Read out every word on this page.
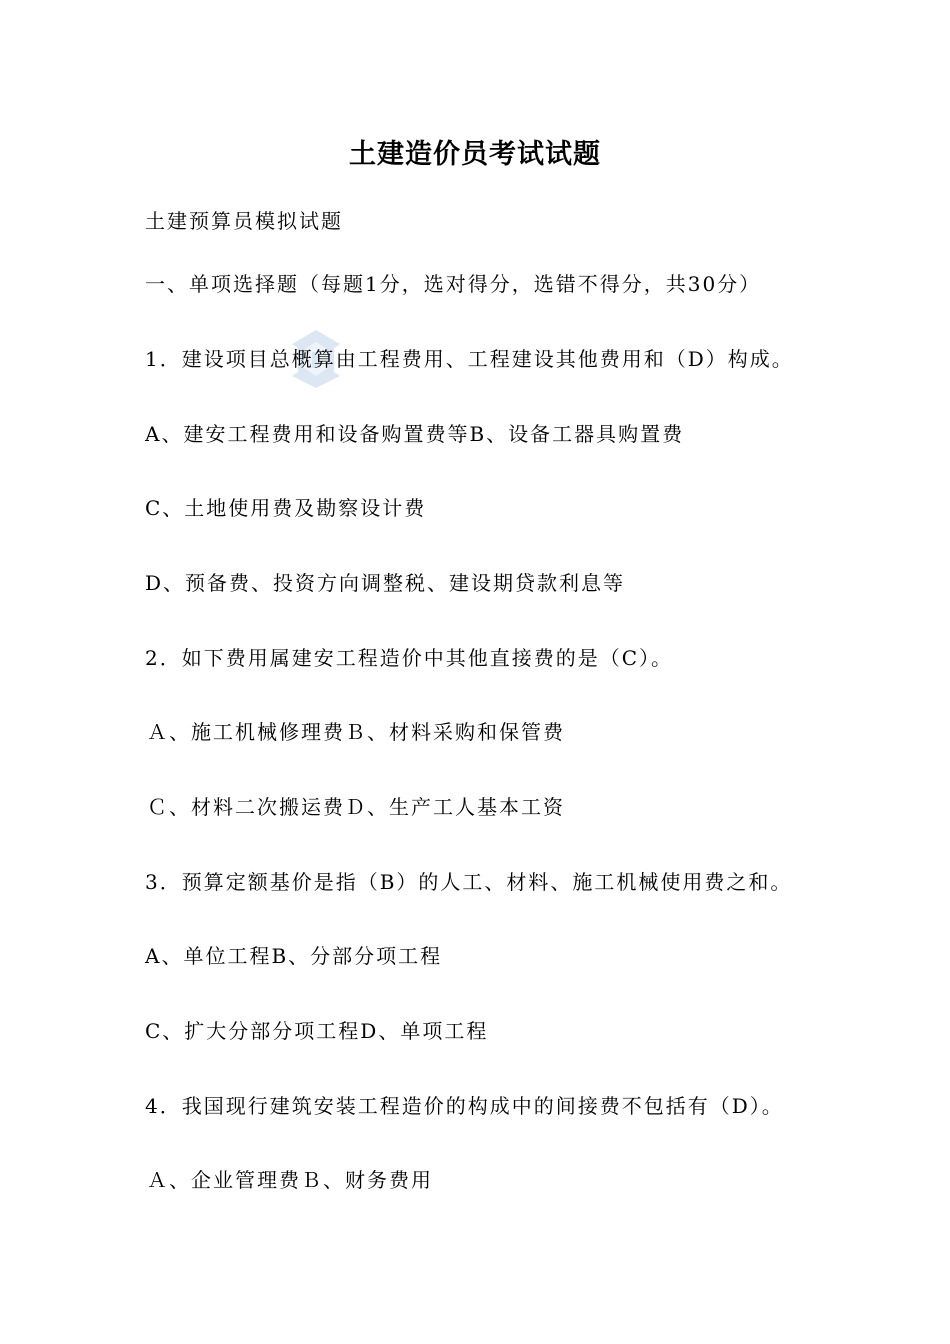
土建造价员考试试题
土建预算员模拟试题
一、单项选择题（每题1分，选对得分，选错不得分，共30分）
1．建设项目总概算由工程费用、工程建设其他费用和（D）构成。
A、建安工程费用和设备购置费等B、设备工器具购置费
C、土地使用费及勘察设计费
D、预备费、投资方向调整税、建设期贷款利息等
2．如下费用属建安工程造价中其他直接费的是（C）。
Ａ、施工机械修理费Ｂ、材料采购和保管费
Ｃ、材料二次搬运费Ｄ、生产工人基本工资
3．预算定额基价是指（B）的人工、材料、施工机械使用费之和。
A、单位工程B、分部分项工程
C、扩大分部分项工程D、单项工程
4．我国现行建筑安装工程造价的构成中的间接费不包括有（D）。
Ａ、企业管理费Ｂ、财务费用
